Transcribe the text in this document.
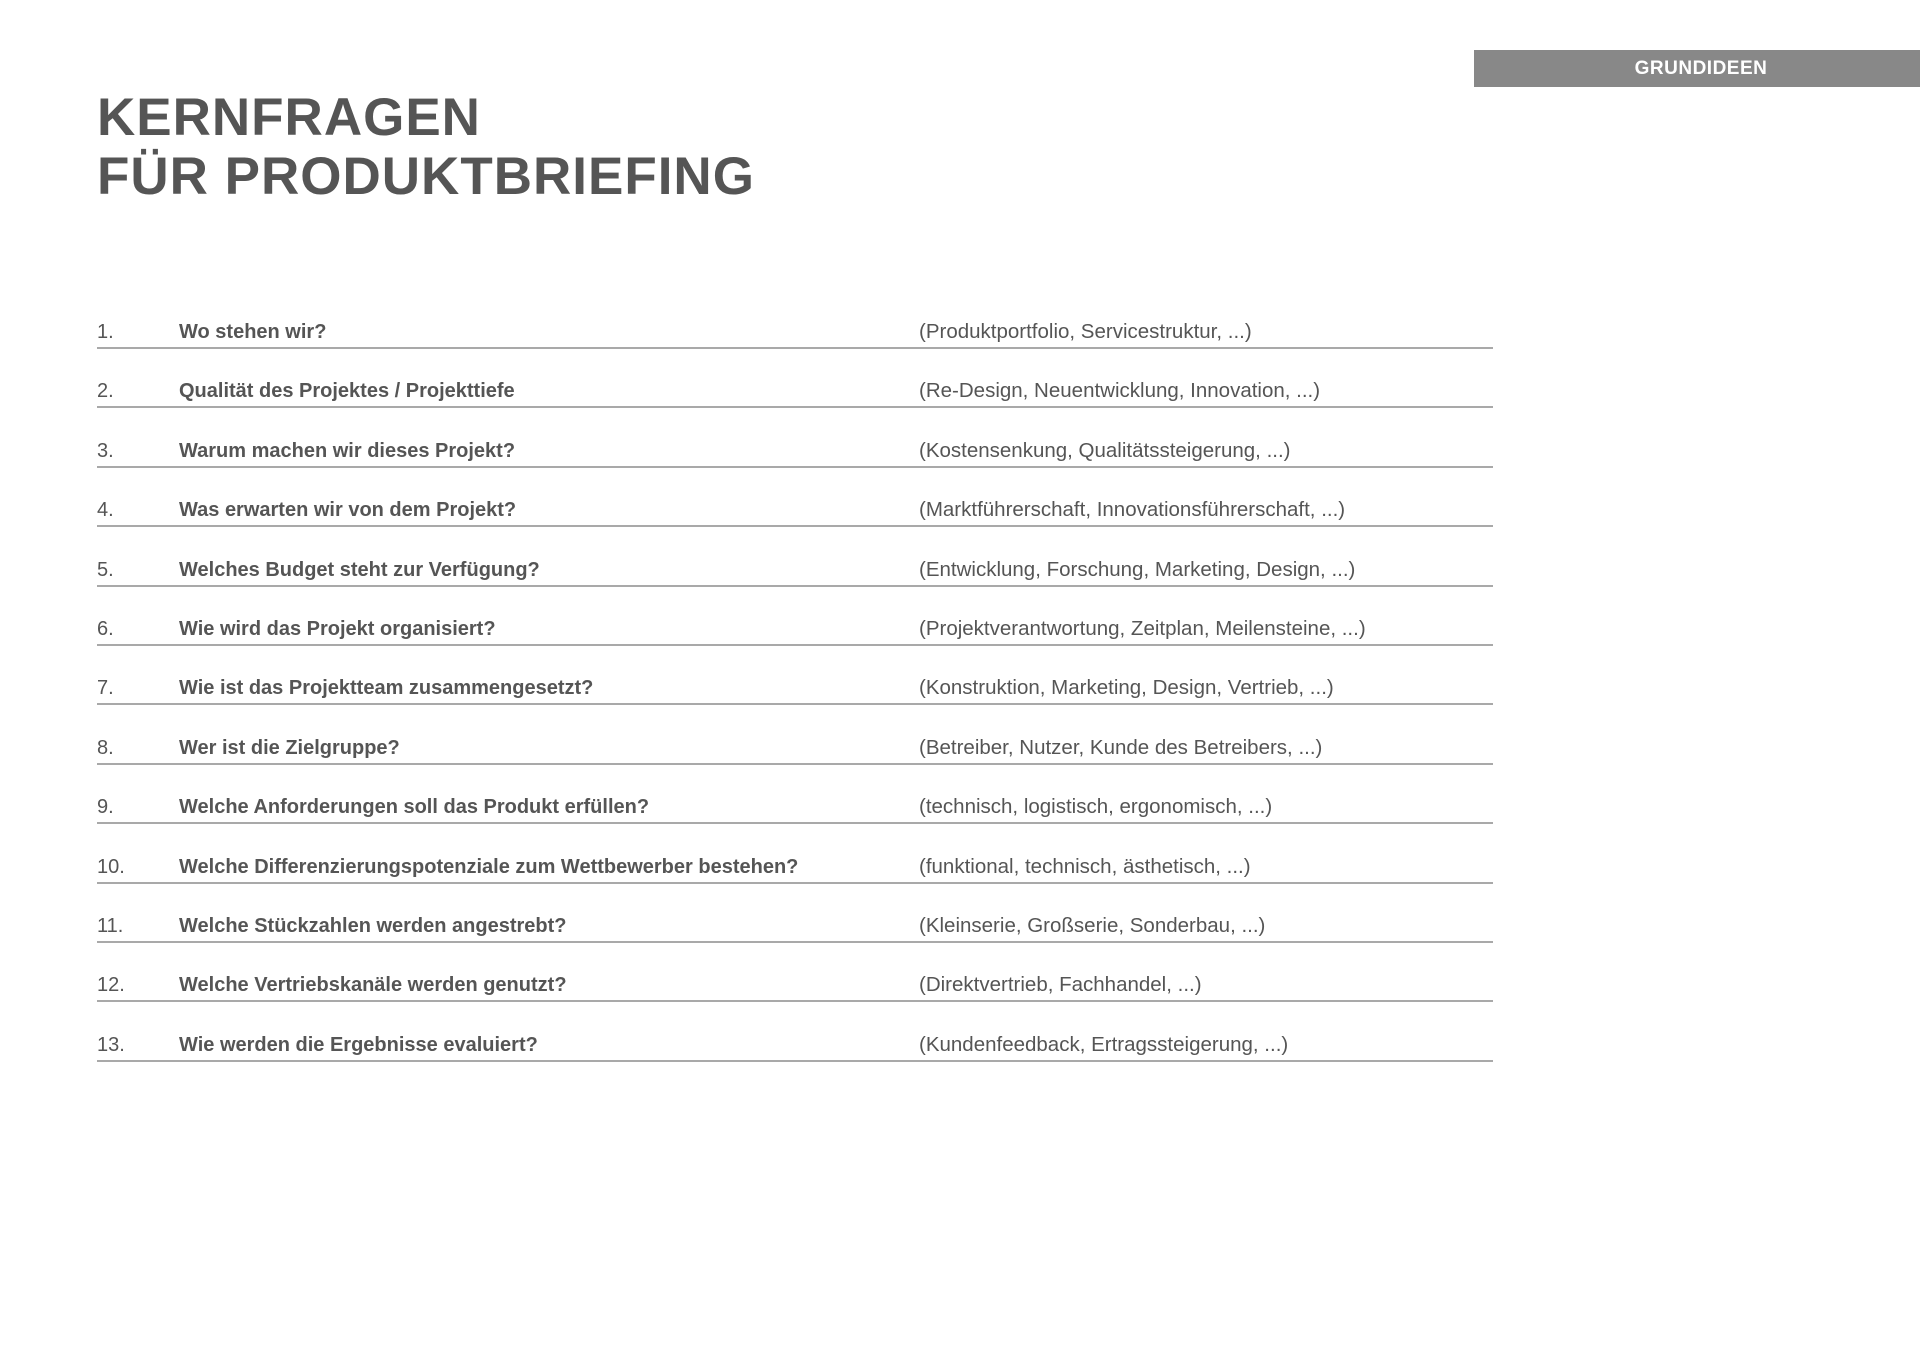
GRUNDIDEEN
KERNFRAGEN
FÜR PRODUKTBRIEFING
1.	Wo stehen wir?	(Produktportfolio, Servicestruktur, ...)
2.	Qualität des Projektes / Projekttiefe	(Re-Design, Neuentwicklung, Innovation, ...)
3.	Warum machen wir dieses Projekt?	(Kostensenkung, Qualitätssteigerung, ...)
4.	Was erwarten wir von dem Projekt?	(Marktführerschaft, Innovationsführerschaft, ...)
5.	Welches Budget steht zur Verfügung?	(Entwicklung, Forschung, Marketing, Design, ...)
6.	Wie wird das Projekt organisiert?	(Projektverantwortung, Zeitplan, Meilensteine, ...)
7.	Wie ist das Projektteam zusammengesetzt?	(Konstruktion, Marketing, Design, Vertrieb, ...)
8.	Wer ist die Zielgruppe?	(Betreiber, Nutzer, Kunde des Betreibers, ...)
9.	Welche Anforderungen soll das Produkt erfüllen?	(technisch, logistisch, ergonomisch, ...)
10.	Welche Differenzierungspotenziale zum Wettbewerber bestehen?	(funktional, technisch, ästhetisch, ...)
11.	Welche Stückzahlen werden angestrebt?	(Kleinserie, Großserie, Sonderbau, ...)
12.	Welche Vertriebskanäle werden genutzt?	(Direktvertrieb, Fachhandel, ...)
13.	Wie werden die Ergebnisse evaluiert?	(Kundenfeedback, Ertragssteigerung, ...)
